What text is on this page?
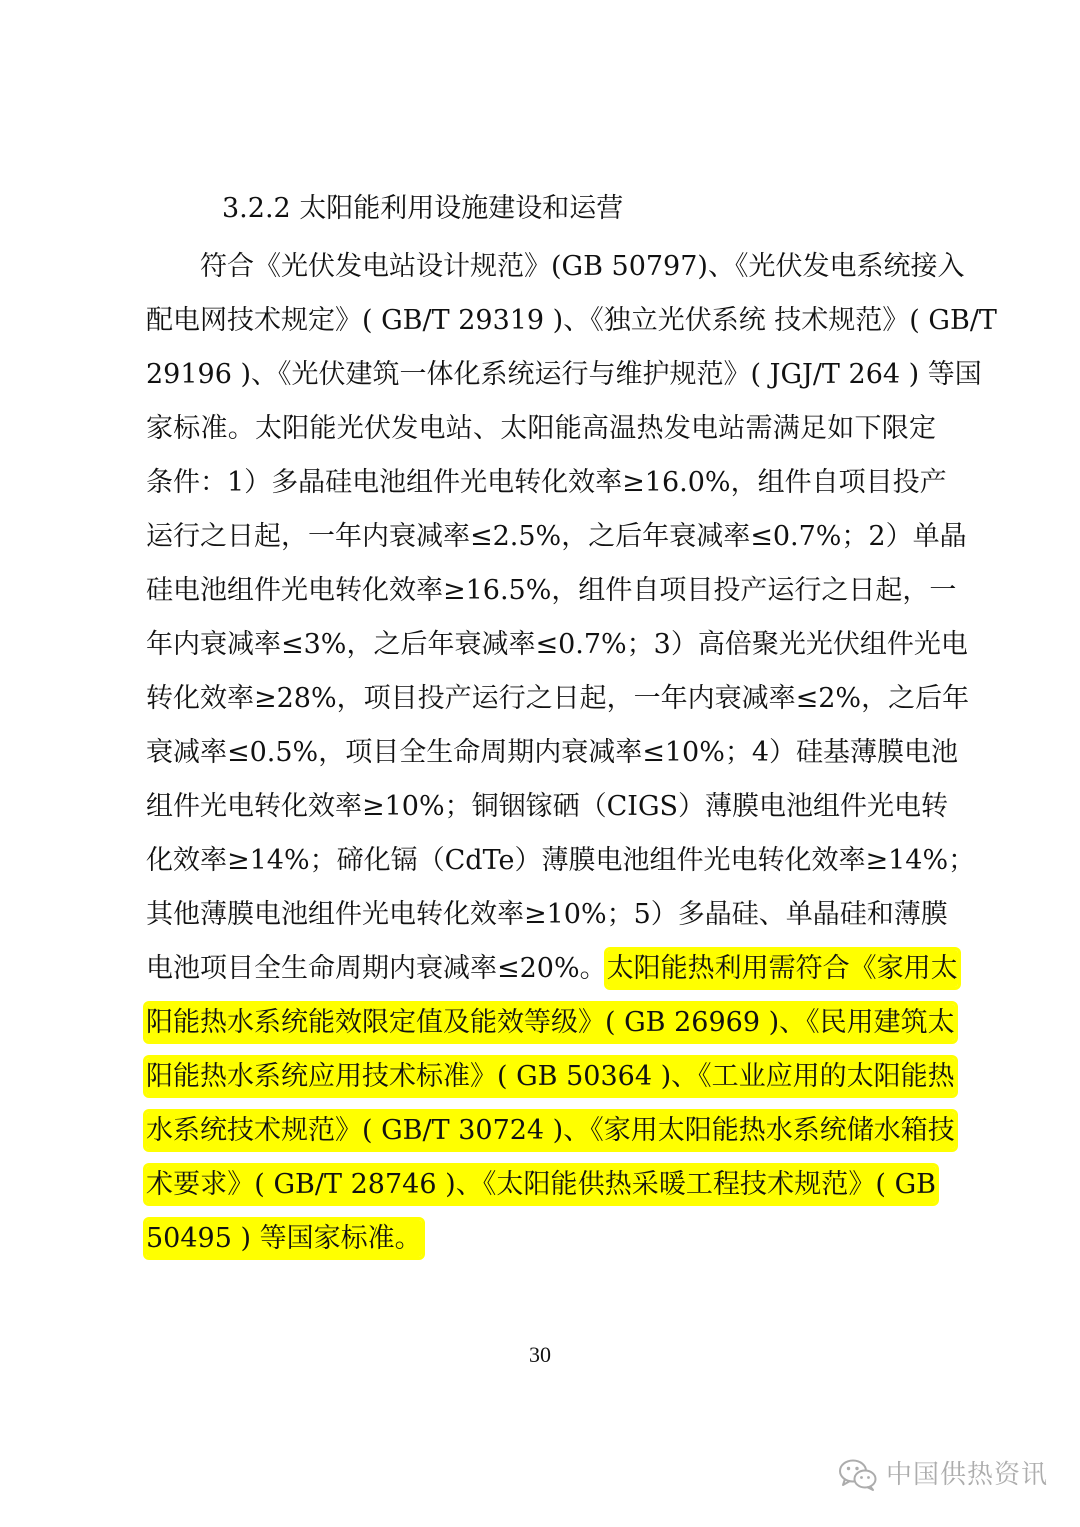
3.2.2 太阳能利用设施建设和运营
符合《光伏发电站设计规范》(GB 50797)、《光伏发电系统接入
配电网技术规定》( GB/T 29319 )、《独立光伏系统 技术规范》( GB/T
29196 )、《光伏建筑一体化系统运行与维护规范》( JGJ/T 264 ) 等国
家标准。太阳能光伏发电站、太阳能高温热发电站需满足如下限定
条件：1）多晶硅电池组件光电转化效率≥16.0%，组件自项目投产
运行之日起，一年内衰减率≤2.5%，之后年衰减率≤0.7%；2）单晶
硅电池组件光电转化效率≥16.5%，组件自项目投产运行之日起，一
年内衰减率≤3%，之后年衰减率≤0.7%；3）高倍聚光光伏组件光电
转化效率≥28%，项目投产运行之日起，一年内衰减率≤2%，之后年
衰减率≤0.5%，项目全生命周期内衰减率≤10%；4）硅基薄膜电池
组件光电转化效率≥10%；铜铟镓硒（CIGS）薄膜电池组件光电转
化效率≥14%；碲化镉（CdTe）薄膜电池组件光电转化效率≥14%；
其他薄膜电池组件光电转化效率≥10%；5）多晶硅、单晶硅和薄膜
电池项目全生命周期内衰减率≤20%。太阳能热利用需符合《家用太
阳能热水系统能效限定值及能效等级》( GB 26969 )、《民用建筑太
阳能热水系统应用技术标准》( GB 50364 )、《工业应用的太阳能热
水系统技术规范》( GB/T 30724 )、《家用太阳能热水系统储水箱技
术要求》( GB/T 28746 )、《太阳能供热采暖工程技术规范》( GB
50495 ) 等国家标准。
30
中国供热资讯
